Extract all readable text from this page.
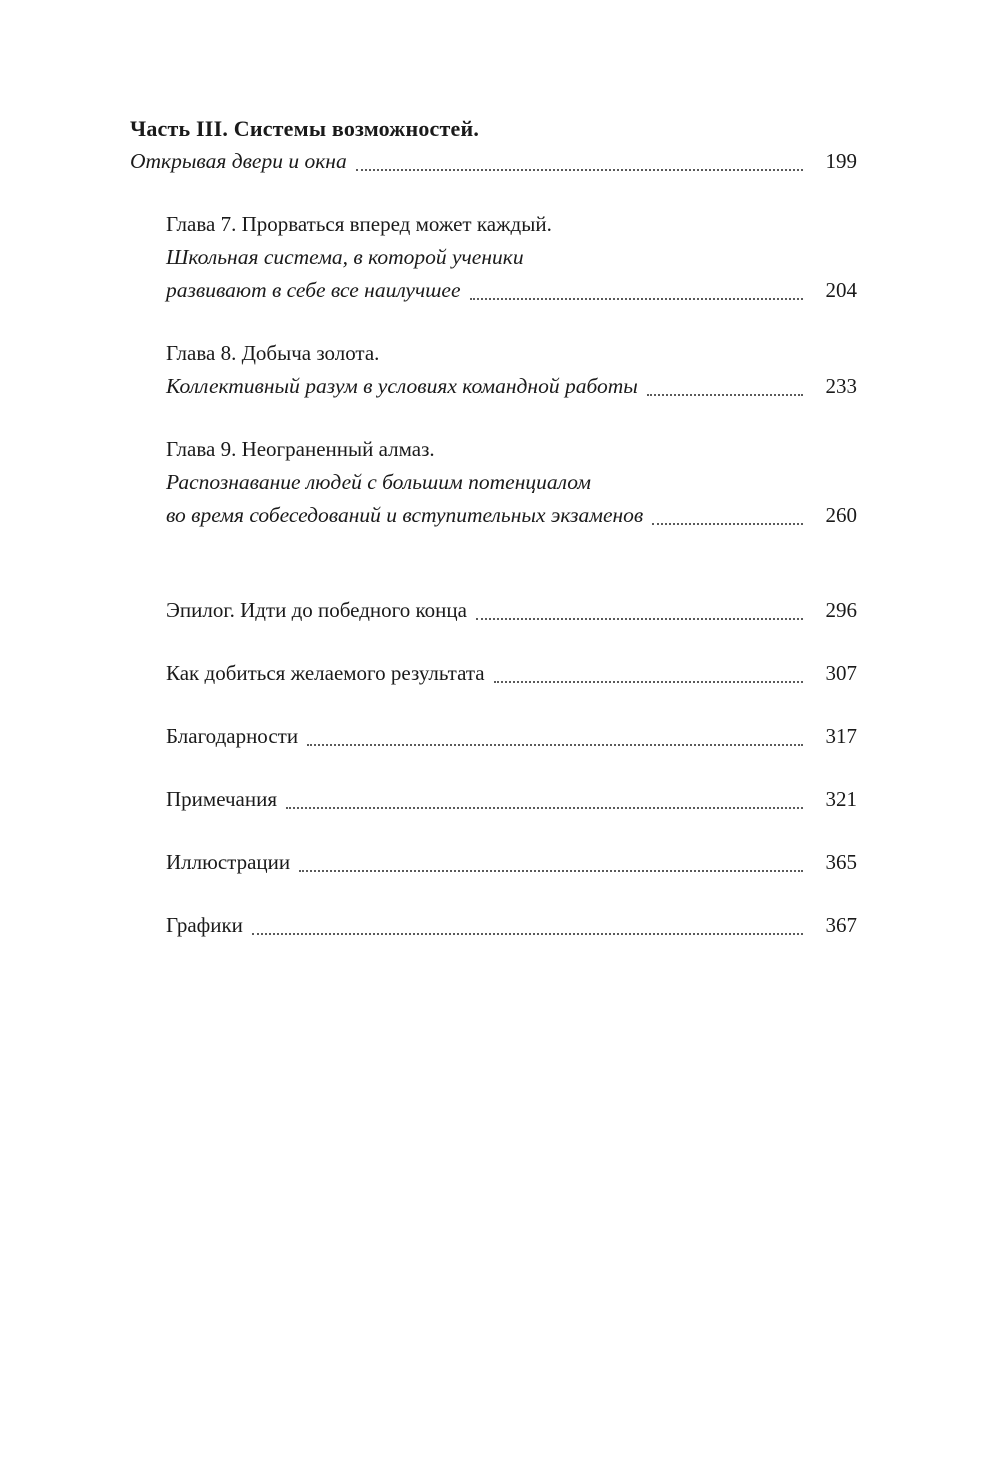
Часть III. Системы возможностей.
Открывая двери и окна	199
Глава 7. Прорваться вперед может каждый.
Школьная система, в которой ученики
развивают в себе все наилучшее	204
Глава 8. Добыча золота.
Коллективный разум в условиях командной работы	233
Глава 9. Неограненный алмаз.
Распознавание людей с большим потенциалом
во время собеседований и вступительных экзаменов	260
Эпилог. Идти до победного конца	296
Как добиться желаемого результата	307
Благодарности	317
Примечания	321
Иллюстрации	365
Графики	367
